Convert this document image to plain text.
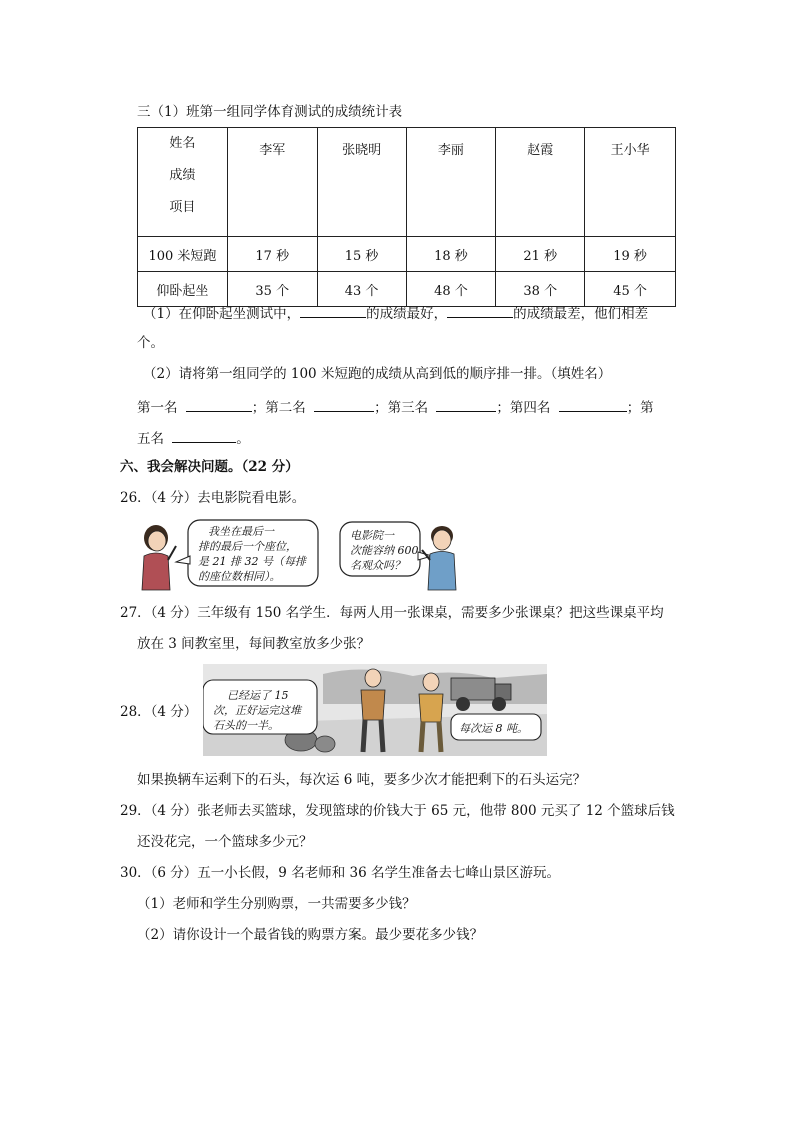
三（1）班第一组同学体育测试的成绩统计表
姓名
成绩
项目	李军	张晓明	李丽	赵霞	王小华
100 米短跑	17 秒	15 秒	18 秒	21 秒	19 秒
仰卧起坐	35 个	43 个	48 个	38 个	45 个
（1）在仰卧起坐测试中，	的成绩最好，	的成绩最差，他们相差
个。
（2）请将第一组同学的 100 米短跑的成绩从高到低的顺序排一排。（填姓名）
第一名	；第二名	；第三名	；第四名	；第
五名	。
六、我会解决问题。（22 分）
26．（4 分）去电影院看电影。
我坐在最后一
排的最后一个座位，
是 21 排 32 号（每排
的座位数相同）。
电影院一
次能容纳 600
名观众吗？
27．（4 分）三年级有 150 名学生．每两人用一张课桌，需要多少张课桌？把这些课桌平均
放在 3 间教室里，每间教室放多少张？
28．（4 分）
已经运了 15
次，正好运完这堆
石头的一半。	每次运 8 吨。
如果换辆车运剩下的石头，每次运 6 吨，要多少次才能把剩下的石头运完？
29．（4 分）张老师去买篮球，发现篮球的价钱大于 65 元，他带 800 元买了 12 个篮球后钱
还没花完，一个篮球多少元？
30．（6 分）五一小长假，9 名老师和 36 名学生准备去七峰山景区游玩。
（1）老师和学生分别购票，一共需要多少钱？
（2）请你设计一个最省钱的购票方案。最少要花多少钱？
